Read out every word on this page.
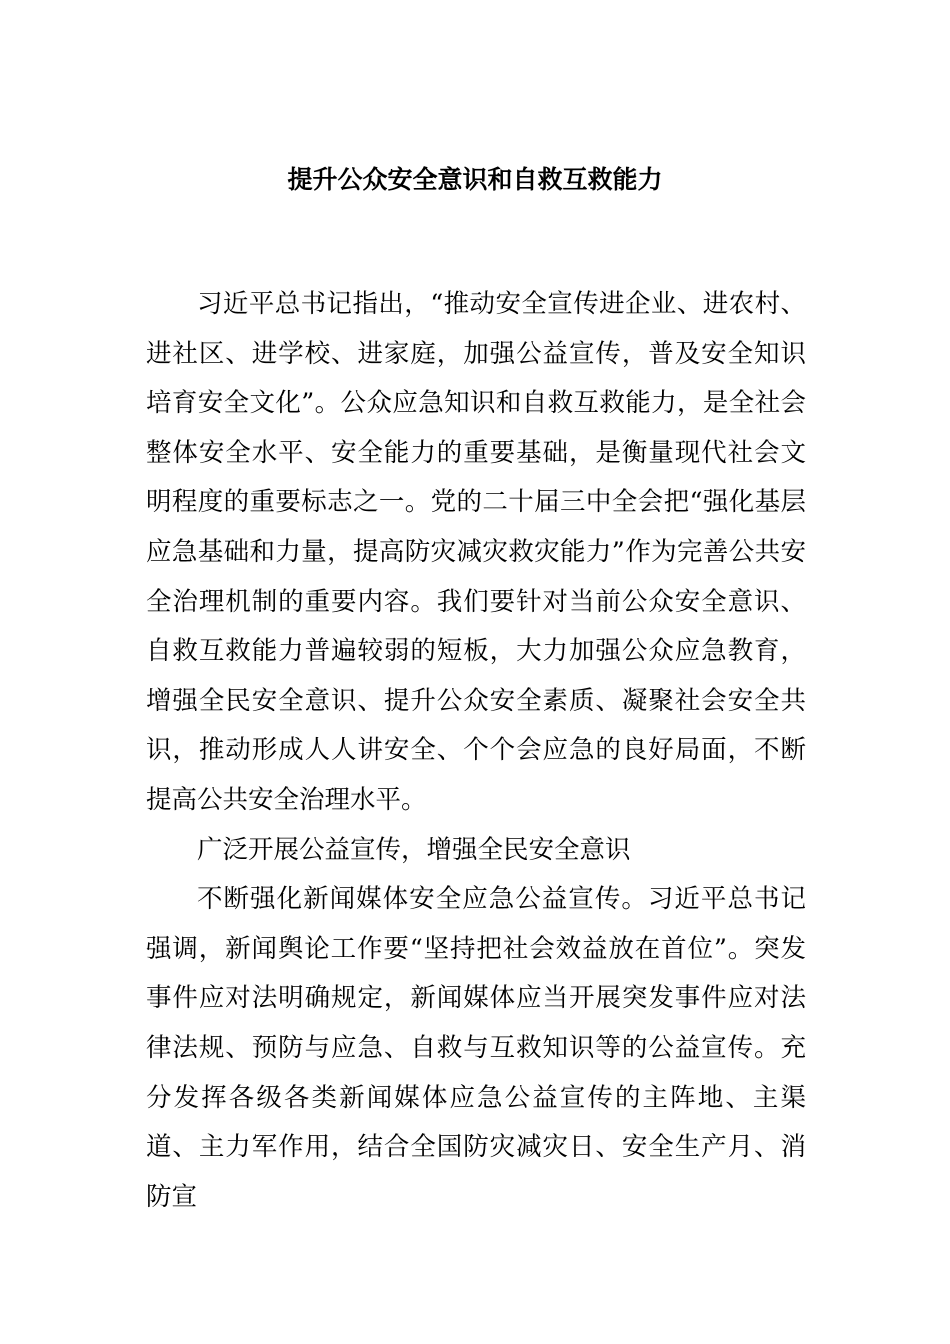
提升公众安全意识和自救互救能力

习近平总书记指出，“推动安全宣传进企业、进农村、进社区、进学校、进家庭，加强公益宣传，普及安全知识培育安全文化”。公众应急知识和自救互救能力，是全社会整体安全水平、安全能力的重要基础，是衡量现代社会文明程度的重要标志之一。党的二十届三中全会把“强化基层应急基础和力量，提高防灾减灾救灾能力”作为完善公共安全治理机制的重要内容。我们要针对当前公众安全意识、自救互救能力普遍较弱的短板，大力加强公众应急教育，增强全民安全意识、提升公众安全素质、凝聚社会安全共识，推动形成人人讲安全、个个会应急的良好局面，不断提高公共安全治理水平。

广泛开展公益宣传，增强全民安全意识

不断强化新闻媒体安全应急公益宣传。习近平总书记强调，新闻舆论工作要“坚持把社会效益放在首位”。突发事件应对法明确规定，新闻媒体应当开展突发事件应对法律法规、预防与应急、自救与互救知识等的公益宣传。充分发挥各级各类新闻媒体应急公益宣传的主阵地、主渠道、主力军作用，结合全国防灾减灾日、安全生产月、消防宣
